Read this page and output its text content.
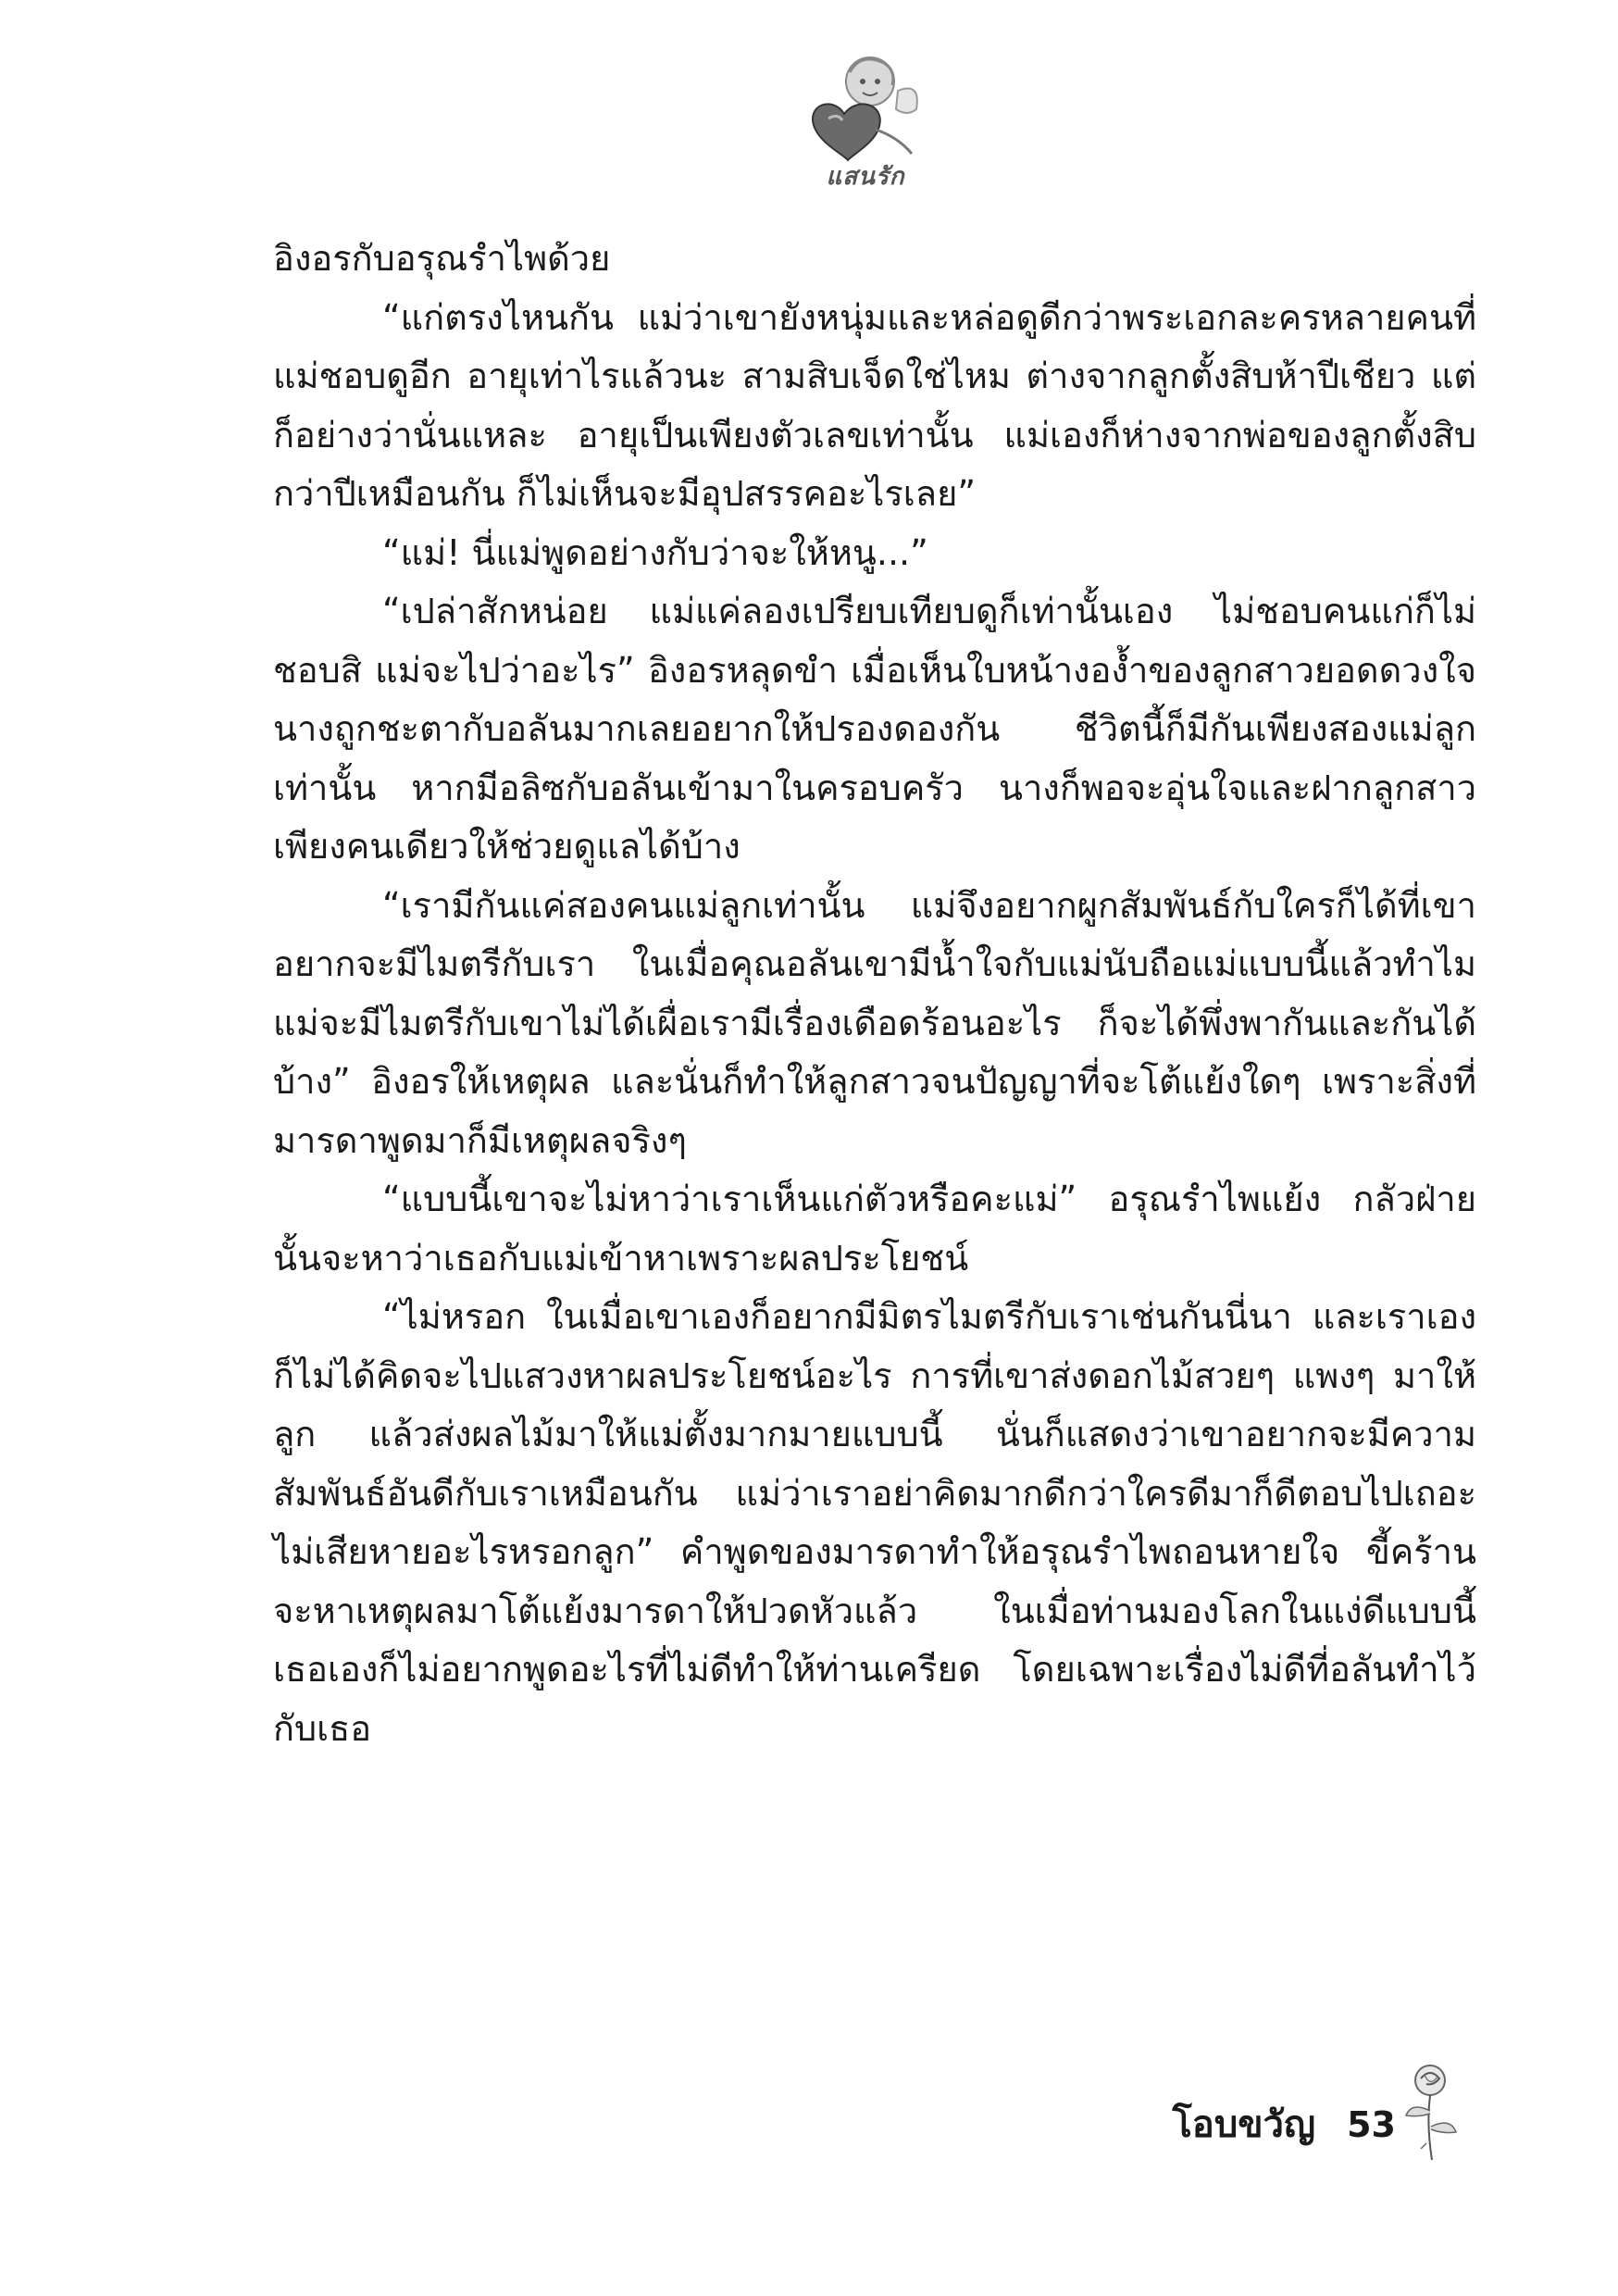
แสนรัก

อิงอรกับอรุณรำไพด้วย

“แก่ตรงไหนกัน แม่ว่าเขายังหนุ่มและหล่อดูดีกว่าพระเอกละครหลายคนที่แม่ชอบดูอีก อายุเท่าไรแล้วนะ สามสิบเจ็ดใช่ไหม ต่างจากลูกตั้งสิบห้าปีเชียว แต่ก็อย่างว่านั่นแหละ อายุเป็นเพียงตัวเลขเท่านั้น แม่เองก็ห่างจากพ่อของลูกตั้งสิบกว่าปีเหมือนกัน ก็ไม่เห็นจะมีอุปสรรคอะไรเลย”

“แม่! นี่แม่พูดอย่างกับว่าจะให้หนู...”

“เปล่าสักหน่อย แม่แค่ลองเปรียบเทียบดูก็เท่านั้นเอง ไม่ชอบคนแก่ก็ไม่ชอบสิ แม่จะไปว่าอะไร” อิงอรหลุดขำ เมื่อเห็นใบหน้างอง้ำของลูกสาวยอดดวงใจ นางถูกชะตากับอลันมากเลยอยากให้ปรองดองกัน ชีวิตนี้ก็มีกันเพียงสองแม่ลูกเท่านั้น หากมีอลิซกับอลันเข้ามาในครอบครัว นางก็พอจะอุ่นใจและฝากลูกสาวเพียงคนเดียวให้ช่วยดูแลได้บ้าง

“เรามีกันแค่สองคนแม่ลูกเท่านั้น แม่จึงอยากผูกสัมพันธ์กับใครก็ได้ที่เขาอยากจะมีไมตรีกับเรา ในเมื่อคุณอลันเขามีน้ำใจกับแม่นับถือแม่แบบนี้แล้วทำไมแม่จะมีไมตรีกับเขาไม่ได้เผื่อเรามีเรื่องเดือดร้อนอะไร ก็จะได้พึ่งพากันและกันได้บ้าง” อิงอรให้เหตุผล และนั่นก็ทำให้ลูกสาวจนปัญญาที่จะโต้แย้งใดๆ เพราะสิ่งที่มารดาพูดมาก็มีเหตุผลจริงๆ

“แบบนี้เขาจะไม่หาว่าเราเห็นแก่ตัวหรือคะแม่” อรุณรำไพแย้ง กลัวฝ่ายนั้นจะหาว่าเธอกับแม่เข้าหาเพราะผลประโยชน์

“ไม่หรอก ในเมื่อเขาเองก็อยากมีมิตรไมตรีกับเราเช่นกันนี่นา และเราเองก็ไม่ได้คิดจะไปแสวงหาผลประโยชน์อะไร การที่เขาส่งดอกไม้สวยๆ แพงๆ มาให้ลูก แล้วส่งผลไม้มาให้แม่ตั้งมากมายแบบนี้ นั่นก็แสดงว่าเขาอยากจะมีความสัมพันธ์อันดีกับเราเหมือนกัน แม่ว่าเราอย่าคิดมากดีกว่าใครดีมาก็ดีตอบไปเถอะ ไม่เสียหายอะไรหรอกลูก” คำพูดของมารดาทำให้อรุณรำไพถอนหายใจ ขี้คร้านจะหาเหตุผลมาโต้แย้งมารดาให้ปวดหัวแล้ว ในเมื่อท่านมองโลกในแง่ดีแบบนี้ เธอเองก็ไม่อยากพูดอะไรที่ไม่ดีทำให้ท่านเครียด โดยเฉพาะเรื่องไม่ดีที่อลันทำไว้กับเธอ

โอบขวัญ 53
